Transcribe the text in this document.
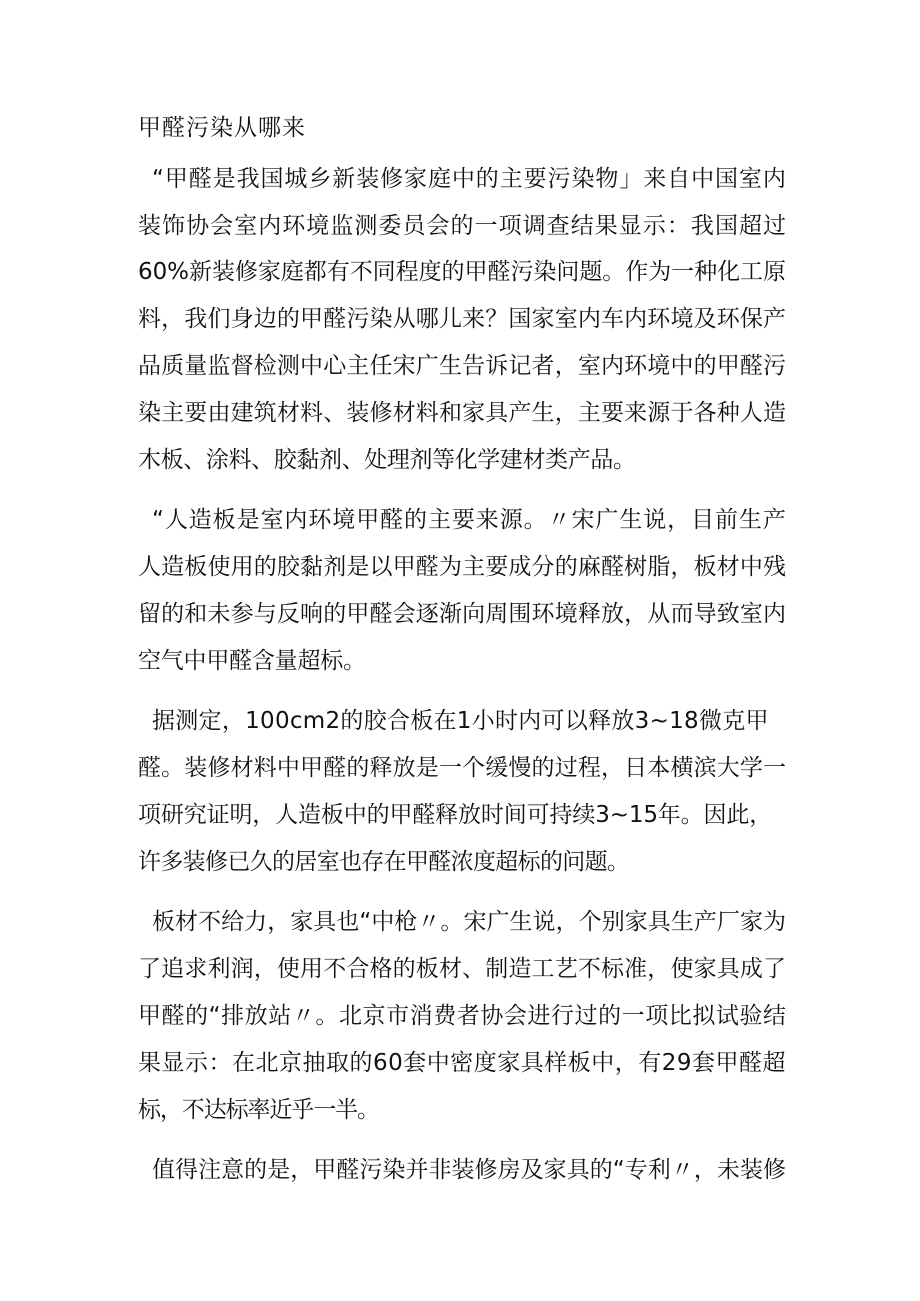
甲醛污染从哪来
“甲醛是我国城乡新装修家庭中的主要污染物」来自中国室内
装饰协会室内环境监测委员会的一项调查结果显示：我国超过
60%新装修家庭都有不同程度的甲醛污染问题。作为一种化工原
料，我们身边的甲醛污染从哪儿来？国家室内车内环境及环保产
品质量监督检测中心主任宋广生告诉记者，室内环境中的甲醛污
染主要由建筑材料、装修材料和家具产生，主要来源于各种人造
木板、涂料、胶黏剂、处理剂等化学建材类产品。
“人造板是室内环境甲醛的主要来源。〃宋广生说，目前生产
人造板使用的胶黏剂是以甲醛为主要成分的麻醛树脂，板材中残
留的和未参与反响的甲醛会逐渐向周围环境释放，从而导致室内
空气中甲醛含量超标。
据测定，100cm2的胶合板在1小时内可以释放3~18微克甲
醛。装修材料中甲醛的释放是一个缓慢的过程，日本横滨大学一
项研究证明，人造板中的甲醛释放时间可持续3~15年。因此，
许多装修已久的居室也存在甲醛浓度超标的问题。
板材不给力，家具也“中枪〃。宋广生说，个别家具生产厂家为
了追求利润，使用不合格的板材、制造工艺不标准，使家具成了
甲醛的“排放站〃。北京市消费者协会进行过的一项比拟试验结
果显示：在北京抽取的60套中密度家具样板中，有29套甲醛超
标，不达标率近乎一半。
值得注意的是，甲醛污染并非装修房及家具的“专利〃，未装修
